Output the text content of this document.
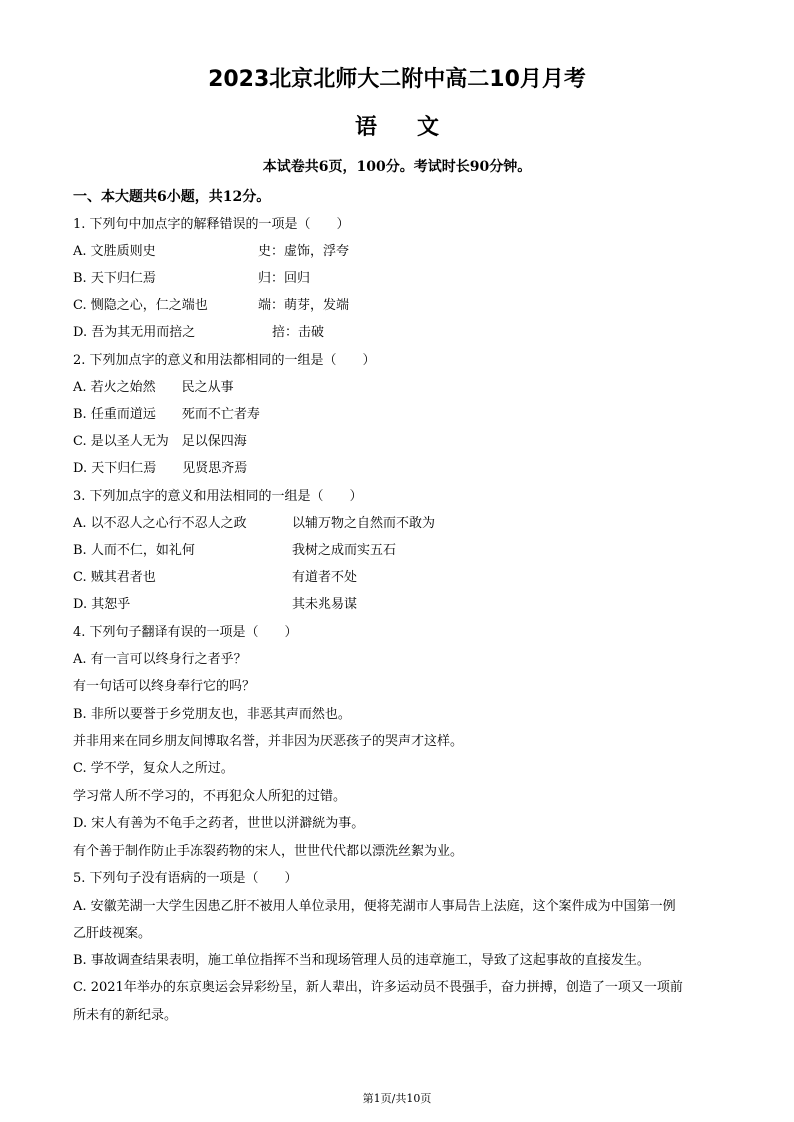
2023北京北师大二附中高二10月月考
语文
本试卷共6页，100分。考试时长90分钟。
一、本大题共6小题，共12分。
1. 下列句中加点字的解释错误的一项是（　　）
A. 文胜质则史	史：虚饰，浮夸
B. 天下归仁焉	归：回归
C. 恻隐之心，仁之端也	端：萌芽，发端
D. 吾为其无用而掊之	掊：击破
2. 下列加点字的意义和用法都相同的一组是（　　）
A. 若火之始然　　民之从事
B. 任重而道远　　死而不亡者寿
C. 是以圣人无为　足以保四海
D. 天下归仁焉　　见贤思齐焉
3. 下列加点字的意义和用法相同的一组是（　　）
A. 以不忍人之心行不忍人之政	以辅万物之自然而不敢为
B. 人而不仁，如礼何	我树之成而实五石
C. 贼其君者也	有道者不处
D. 其恕乎	其未兆易谋
4. 下列句子翻译有误的一项是（　　）
A. 有一言可以终身行之者乎？
有一句话可以终身奉行它的吗？
B. 非所以要誉于乡党朋友也，非恶其声而然也。
并非用来在同乡朋友间博取名誉，并非因为厌恶孩子的哭声才这样。
C. 学不学，复众人之所过。
学习常人所不学习的，不再犯众人所犯的过错。
D. 宋人有善为不龟手之药者，世世以洴澼絖为事。
有个善于制作防止手冻裂药物的宋人，世世代代都以漂洗丝絮为业。
5. 下列句子没有语病的一项是（　　）
A. 安徽芜湖一大学生因患乙肝不被用人单位录用，便将芜湖市人事局告上法庭，这个案件成为中国第一例
乙肝歧视案。
B. 事故调查结果表明，施工单位指挥不当和现场管理人员的违章施工，导致了这起事故的直接发生。
C. 2021年举办的东京奥运会异彩纷呈，新人辈出，许多运动员不畏强手，奋力拼搏，创造了一项又一项前
所未有的新纪录。
第1页/共10页
